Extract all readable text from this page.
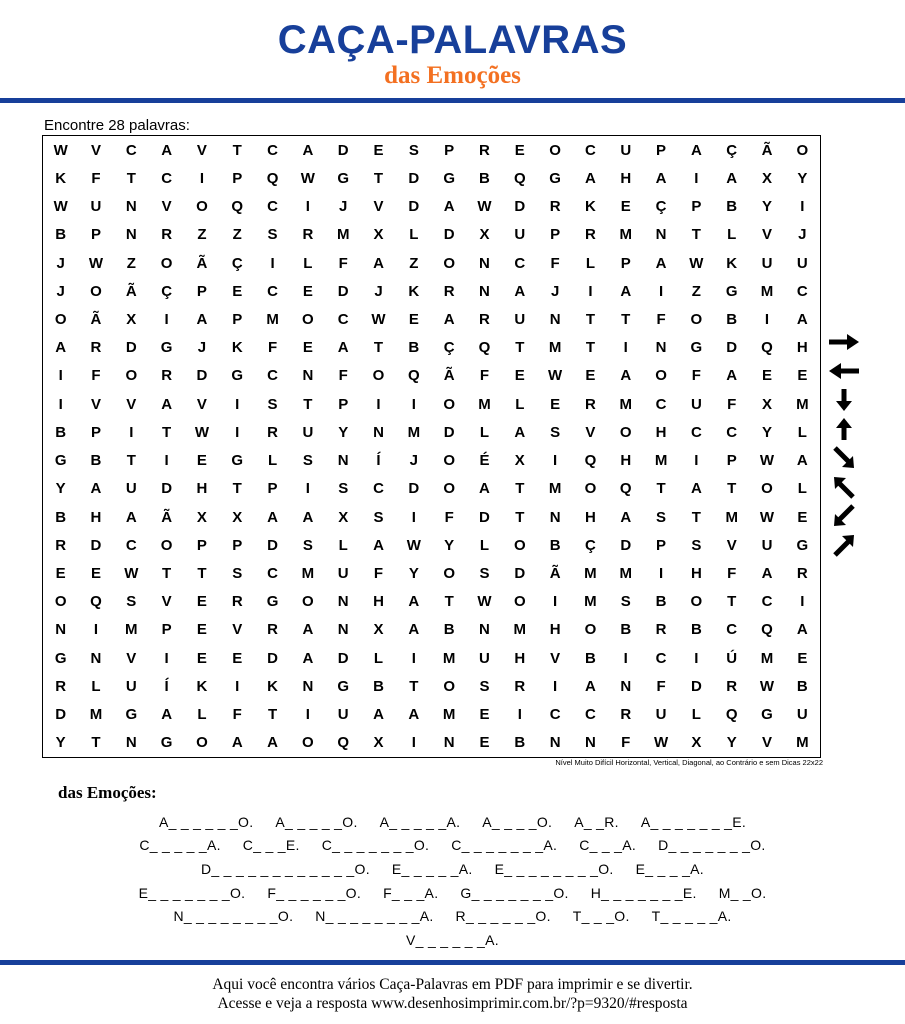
CAÇA-PALAVRAS
das Emoções
Encontre 28 palavras:
W	V	C	A	V	T	C	A	D	E	S	P	R	E	O	C	U	P	A	Ç	Ã	O
K	F	T	C	I	P	Q	W	G	T	D	G	B	Q	G	A	H	A	I	A	X	Y
W	U	N	V	O	Q	C	I	J	V	D	A	W	D	R	K	E	Ç	P	B	Y	I
B	P	N	R	Z	Z	S	R	M	X	L	D	X	U	P	R	M	N	T	L	V	J
J	W	Z	O	Ã	Ç	I	L	F	A	Z	O	N	C	F	L	P	A	W	K	U	U
J	O	Ã	Ç	P	E	C	E	D	J	K	R	N	A	J	I	A	I	Z	G	M	C
O	Ã	X	I	A	P	M	O	C	W	E	A	R	U	N	T	T	F	O	B	I	A
A	R	D	G	J	K	F	E	A	T	B	Ç	Q	T	M	T	I	N	G	D	Q	H
I	F	O	R	D	G	C	N	F	O	Q	Ã	F	E	W	E	A	O	F	A	E	E
I	V	V	A	V	I	S	T	P	I	I	O	M	L	E	R	M	C	U	F	X	M
B	P	I	T	W	I	R	U	Y	N	M	D	L	A	S	V	O	H	C	C	Y	L
G	B	T	I	E	G	L	S	N	Í	J	O	É	X	I	Q	H	M	I	P	W	A
Y	A	U	D	H	T	P	I	S	C	D	O	A	T	M	O	Q	T	A	T	O	L
B	H	A	Ã	X	X	A	A	X	S	I	F	D	T	N	H	A	S	T	M	W	E
R	D	C	O	P	P	D	S	L	A	W	Y	L	O	B	Ç	D	P	S	V	U	G
E	E	W	T	T	S	C	M	U	F	Y	O	S	D	Ã	M	M	I	H	F	A	R
O	Q	S	V	E	R	G	O	N	H	A	T	W	O	I	M	S	B	O	T	C	I
N	I	M	P	E	V	R	A	N	X	A	B	N	M	H	O	B	R	B	C	Q	A
G	N	V	I	E	E	D	A	D	L	I	M	U	H	V	B	I	C	I	Ú	M	E
R	L	U	Í	K	I	K	N	G	B	T	O	S	R	I	A	N	F	D	R	W	B
D	M	G	A	L	F	T	I	U	A	A	M	E	I	C	C	R	U	L	Q	G	U
Y	T	N	G	O	A	A	O	Q	X	I	N	E	B	N	N	F	W	X	Y	V	M
Nível Muito Difícil Horizontal, Vertical, Diagonal, ao Contrário e sem Dicas 22x22
das Emoções:
A_ _ _ _ _ _O. A_ _ _ _ _O. A_ _ _ _ _A. A_ _ _ _O. A_ _R. A_ _ _ _ _ _ _E.
C_ _ _ _ _A. C_ _ _E. C_ _ _ _ _ _ _O. C_ _ _ _ _ _ _A. C_ _ _A. D_ _ _ _ _ _ _O.
D_ _ _ _ _ _ _ _ _ _ _ _O. E_ _ _ _ _A. E_ _ _ _ _ _ _ _O. E_ _ _ _A.
E_ _ _ _ _ _ _O. F_ _ _ _ _ _O. F_ _ _A. G_ _ _ _ _ _ _O. H_ _ _ _ _ _ _E. M_ _O.
N_ _ _ _ _ _ _ _O. N_ _ _ _ _ _ _ _A. R_ _ _ _ _ _O. T_ _ _O. T_ _ _ _ _A.
V_ _ _ _ _ _A.
Aqui você encontra vários Caça-Palavras em PDF para imprimir e se divertir.
Acesse e veja a resposta www.desenhosimprimir.com.br/?p=9320/#resposta
